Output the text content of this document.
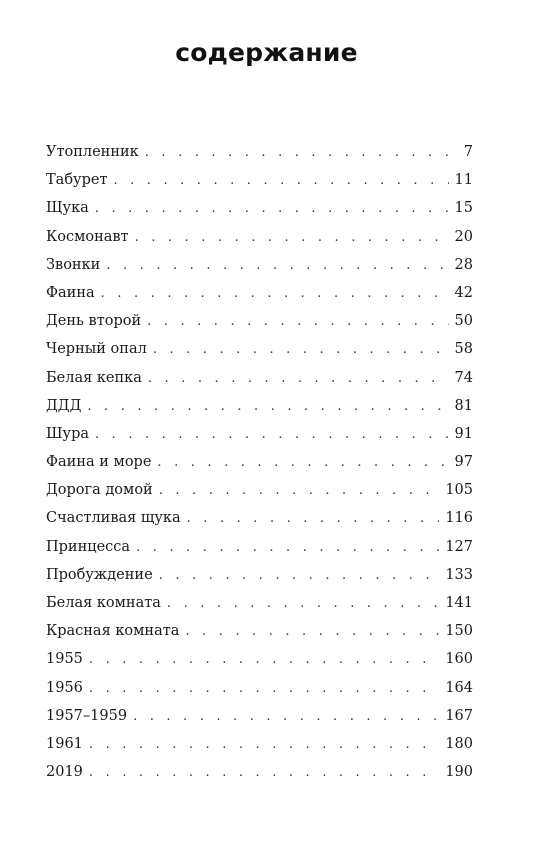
содержание
Утопленник . . .	7
Табурет . . .	11
Щука . . .	15
Космонавт . . .	20
Звонки . . .	28
Фаина . . .	42
День второй . . .	50
Черный опал . . .	58
Белая кепка . . .	74
ДДД . . .	81
Шура . . .	91
Фаина и море . . .	97
Дорога домой . . .	105
Счастливая щука . . .	116
Принцесса . . .	127
Пробуждение . . .	133
Белая комната . . .	141
Красная комната . . .	150
1955 . . .	160
1956 . . .	164
1957–1959 . . .	167
1961 . . .	180
2019 . . .	190
